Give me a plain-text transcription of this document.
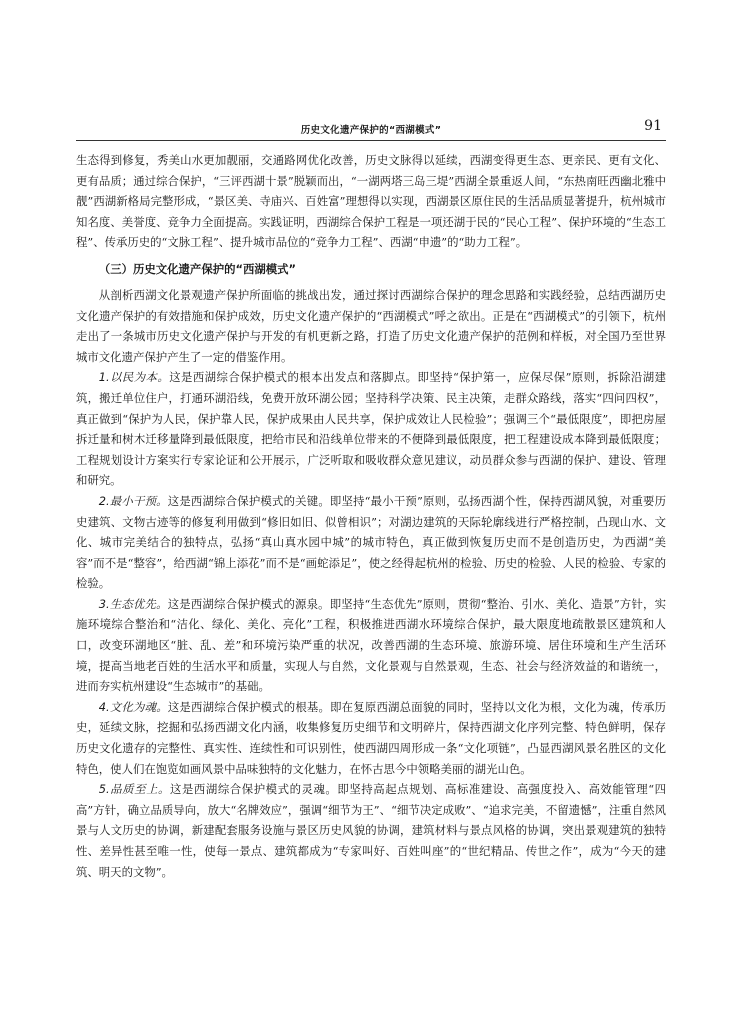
历史文化遗产保护的“西湖模式”	91

生态得到修复，秀美山水更加靓丽，交通路网优化改善，历史文脉得以延续，西湖变得更生态、更亲民、更有文化、更有品质；通过综合保护，“三评西湖十景”脱颖而出，“一湖两塔三岛三堤”西湖全景重返人间，“东热南旺西幽北雅中靓”西湖新格局完整形成，“景区美、寺庙兴、百姓富”理想得以实现，西湖景区原住民的生活品质显著提升，杭州城市知名度、美誉度、竞争力全面提高。实践证明，西湖综合保护工程是一项还湖于民的“民心工程”、保护环境的“生态工程”、传承历史的“文脉工程”、提升城市品位的“竞争力工程”、西湖“申遗”的“助力工程”。

（三）历史文化遗产保护的“西湖模式”

从剖析西湖文化景观遗产保护所面临的挑战出发，通过探讨西湖综合保护的理念思路和实践经验，总结西湖历史文化遗产保护的有效措施和保护成效，历史文化遗产保护的“西湖模式”呼之欲出。正是在“西湖模式”的引领下，杭州走出了一条城市历史文化遗产保护与开发的有机更新之路，打造了历史文化遗产保护的范例和样板，对全国乃至世界城市文化遗产保护产生了一定的借鉴作用。

1.以民为本。这是西湖综合保护模式的根本出发点和落脚点。即坚持“保护第一，应保尽保”原则，拆除沿湖建筑，搬迁单位住户，打通环湖沿线，免费开放环湖公园；坚持科学决策、民主决策，走群众路线，落实“四问四权”，真正做到“保护为人民，保护靠人民，保护成果由人民共享，保护成效让人民检验”；强调三个“最低限度”，即把房屋拆迁量和树木迁移量降到最低限度，把给市民和沿线单位带来的不便降到最低限度，把工程建设成本降到最低限度；工程规划设计方案实行专家论证和公开展示，广泛听取和吸收群众意见建议，动员群众参与西湖的保护、建设、管理和研究。

2.最小干预。这是西湖综合保护模式的关键。即坚持“最小干预”原则，弘扬西湖个性，保持西湖风貌，对重要历史建筑、文物古迹等的修复利用做到“修旧如旧、似曾相识”；对湖边建筑的天际轮廓线进行严格控制，凸现山水、文化、城市完美结合的独特点，弘扬“真山真水园中城”的城市特色，真正做到恢复历史而不是创造历史，为西湖“美容”而不是“整容”，给西湖“锦上添花”而不是“画蛇添足”，使之经得起杭州的检验、历史的检验、人民的检验、专家的检验。

3.生态优先。这是西湖综合保护模式的源泉。即坚持“生态优先”原则，贯彻“整治、引水、美化、造景”方针，实施环境综合整治和“洁化、绿化、美化、亮化”工程，积极推进西湖水环境综合保护，最大限度地疏散景区建筑和人口，改变环湖地区“脏、乱、差”和环境污染严重的状况，改善西湖的生态环境、旅游环境、居住环境和生产生活环境，提高当地老百姓的生活水平和质量，实现人与自然，文化景观与自然景观，生态、社会与经济效益的和谐统一，进而夯实杭州建设“生态城市”的基础。

4.文化为魂。这是西湖综合保护模式的根基。即在复原西湖总面貌的同时，坚持以文化为根，文化为魂，传承历史，延续文脉，挖掘和弘扬西湖文化内涵，收集修复历史细节和文明碎片，保持西湖文化序列完整、特色鲜明，保存历史文化遗存的完整性、真实性、连续性和可识别性，使西湖四周形成一条“文化项链”，凸显西湖风景名胜区的文化特色，使人们在饱览如画风景中品味独特的文化魅力，在怀古思今中领略美丽的湖光山色。

5.品质至上。这是西湖综合保护模式的灵魂。即坚持高起点规划、高标准建设、高强度投入、高效能管理“四高”方针，确立品质导向，放大“名牌效应”，强调“细节为王”、“细节决定成败”、“追求完美，不留遗憾”，注重自然风景与人文历史的协调，新建配套服务设施与景区历史风貌的协调，建筑材料与景点风格的协调，突出景观建筑的独特性、差异性甚至唯一性，使每一景点、建筑都成为“专家叫好、百姓叫座”的“世纪精品、传世之作”，成为“今天的建筑、明天的文物”。
